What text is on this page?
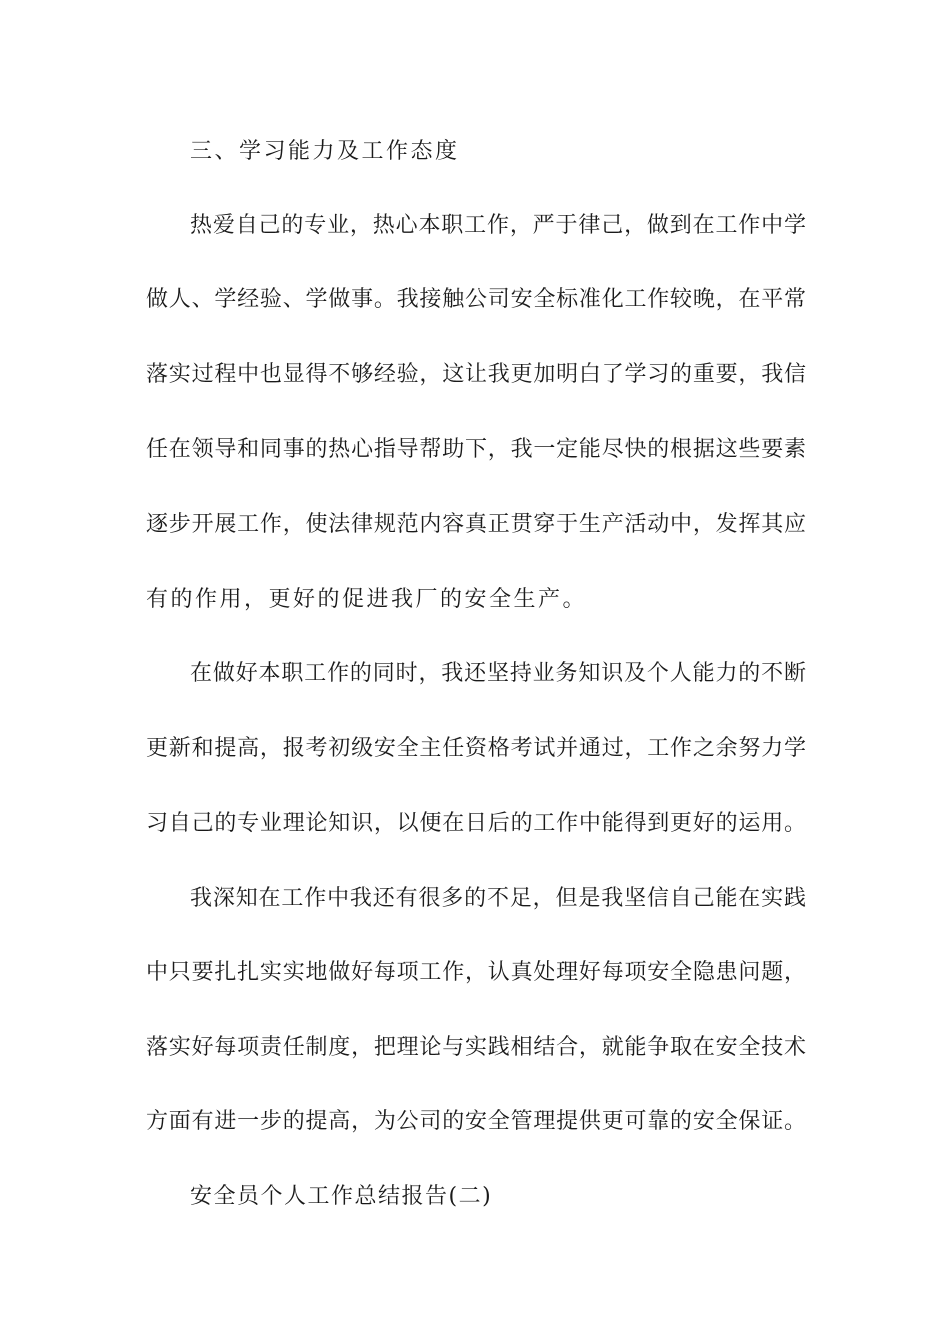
三、学习能力及工作态度
热爱自己的专业，热心本职工作，严于律己，做到在工作中学
做人、学经验、学做事。我接触公司安全标准化工作较晚，在平常
落实过程中也显得不够经验，这让我更加明白了学习的重要，我信
任在领导和同事的热心指导帮助下，我一定能尽快的根据这些要素
逐步开展工作，使法律规范内容真正贯穿于生产活动中，发挥其应
有的作用，更好的促进我厂的安全生产。
在做好本职工作的同时，我还坚持业务知识及个人能力的不断
更新和提高，报考初级安全主任资格考试并通过，工作之余努力学
习自己的专业理论知识，以便在日后的工作中能得到更好的运用。
我深知在工作中我还有很多的不足，但是我坚信自己能在实践
中只要扎扎实实地做好每项工作，认真处理好每项安全隐患问题，
落实好每项责任制度，把理论与实践相结合，就能争取在安全技术
方面有进一步的提高，为公司的安全管理提供更可靠的安全保证。
安全员个人工作总结报告(二)
